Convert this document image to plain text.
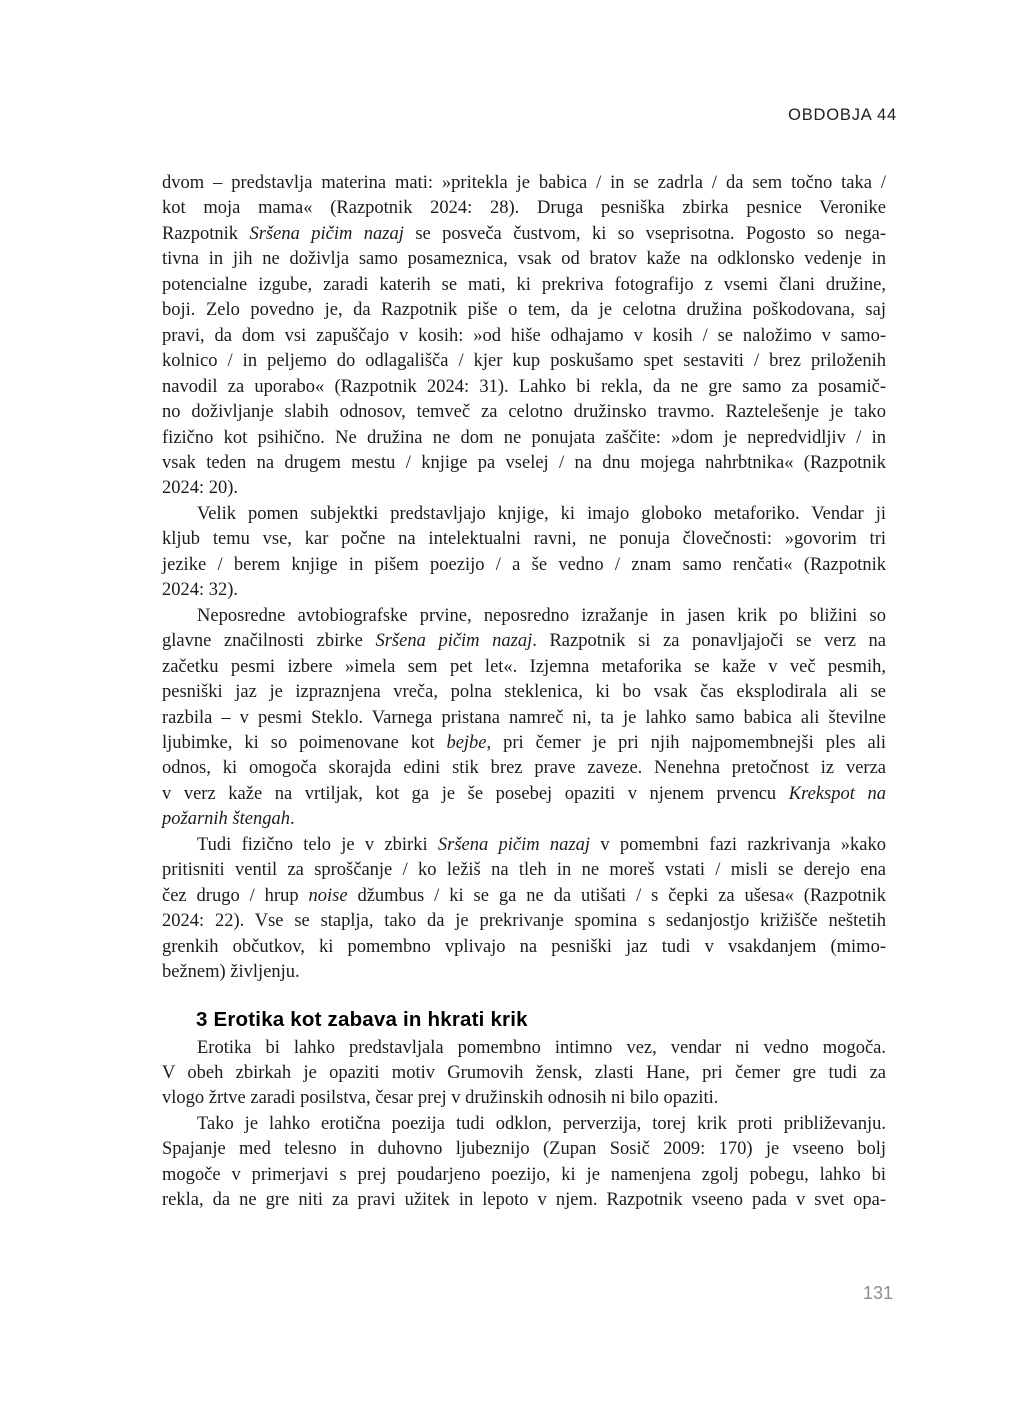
OBDOBJA 44
dvom – predstavlja materina mati: »pritekla je babica / in se zadrla / da sem točno taka /
kot moja mama« (Razpotnik 2024: 28). Druga pesniška zbirka pesnice Veronike
Razpotnik Sršena pičim nazaj se posveča čustvom, ki so vseprisotna. Pogosto so nega-
tivna in jih ne doživlja samo posameznica, vsak od bratov kaže na odklonsko vedenje in
potencialne izgube, zaradi katerih se mati, ki prekriva fotografijo z vsemi člani družine,
boji. Zelo povedno je, da Razpotnik piše o tem, da je celotna družina poškodovana, saj
pravi, da dom vsi zapuščajo v kosih: »od hiše odhajamo v kosih / se naložimo v samo-
kolnico / in peljemo do odlagališča / kjer kup poskušamo spet sestaviti / brez priloženih
navodil za uporabo« (Razpotnik 2024: 31). Lahko bi rekla, da ne gre samo za posamič-
no doživljanje slabih odnosov, temveč za celotno družinsko travmo. Raztelešenje je tako
fizično kot psihično. Ne družina ne dom ne ponujata zaščite: »dom je nepredvidljiv / in
vsak teden na drugem mestu / knjige pa vselej / na dnu mojega nahrbtnika« (Razpotnik
2024: 20).
Velik pomen subjektki predstavljajo knjige, ki imajo globoko metaforiko. Vendar ji
kljub temu vse, kar počne na intelektualni ravni, ne ponuja človečnosti: »govorim tri
jezike / berem knjige in pišem poezijo / a še vedno / znam samo renčati« (Razpotnik
2024: 32).
Neposredne avtobiografske prvine, neposredno izražanje in jasen krik po bližini so
glavne značilnosti zbirke Sršena pičim nazaj. Razpotnik si za ponavljajoči se verz na
začetku pesmi izbere »imela sem pet let«. Izjemna metaforika se kaže v več pesmih,
pesniški jaz je izpraznjena vreča, polna steklenica, ki bo vsak čas eksplodirala ali se
razbila – v pesmi Steklo. Varnega pristana namreč ni, ta je lahko samo babica ali številne
ljubimke, ki so poimenovane kot bejbe, pri čemer je pri njih najpomembnejši ples ali
odnos, ki omogoča skorajda edini stik brez prave zaveze. Nenehna pretočnost iz verza
v verz kaže na vrtiljak, kot ga je še posebej opaziti v njenem prvencu Krekspot na
požarnih štengah.
Tudi fizično telo je v zbirki Sršena pičim nazaj v pomembni fazi razkrivanja »kako
pritisniti ventil za sproščanje / ko ležiš na tleh in ne moreš vstati / misli se derejo ena
čez drugo / hrup noise džumbus / ki se ga ne da utišati / s čepki za ušesa« (Razpotnik
2024: 22). Vse se staplja, tako da je prekrivanje spomina s sedanjostjo križišče neštetih
grenkih občutkov, ki pomembno vplivajo na pesniški jaz tudi v vsakdanjem (mimo-
bežnem) življenju.
3 Erotika kot zabava in hkrati krik
Erotika bi lahko predstavljala pomembno intimno vez, vendar ni vedno mogoča.
V obeh zbirkah je opaziti motiv Grumovih žensk, zlasti Hane, pri čemer gre tudi za
vlogo žrtve zaradi posilstva, česar prej v družinskih odnosih ni bilo opaziti.
Tako je lahko erotična poezija tudi odklon, perverzija, torej krik proti približevanju.
Spajanje med telesno in duhovno ljubeznijo (Zupan Sosič 2009: 170) je vseeno bolj
mogoče v primerjavi s prej poudarjeno poezijo, ki je namenjena zgolj pobegu, lahko bi
rekla, da ne gre niti za pravi užitek in lepoto v njem. Razpotnik vseeno pada v svet opa-
131
